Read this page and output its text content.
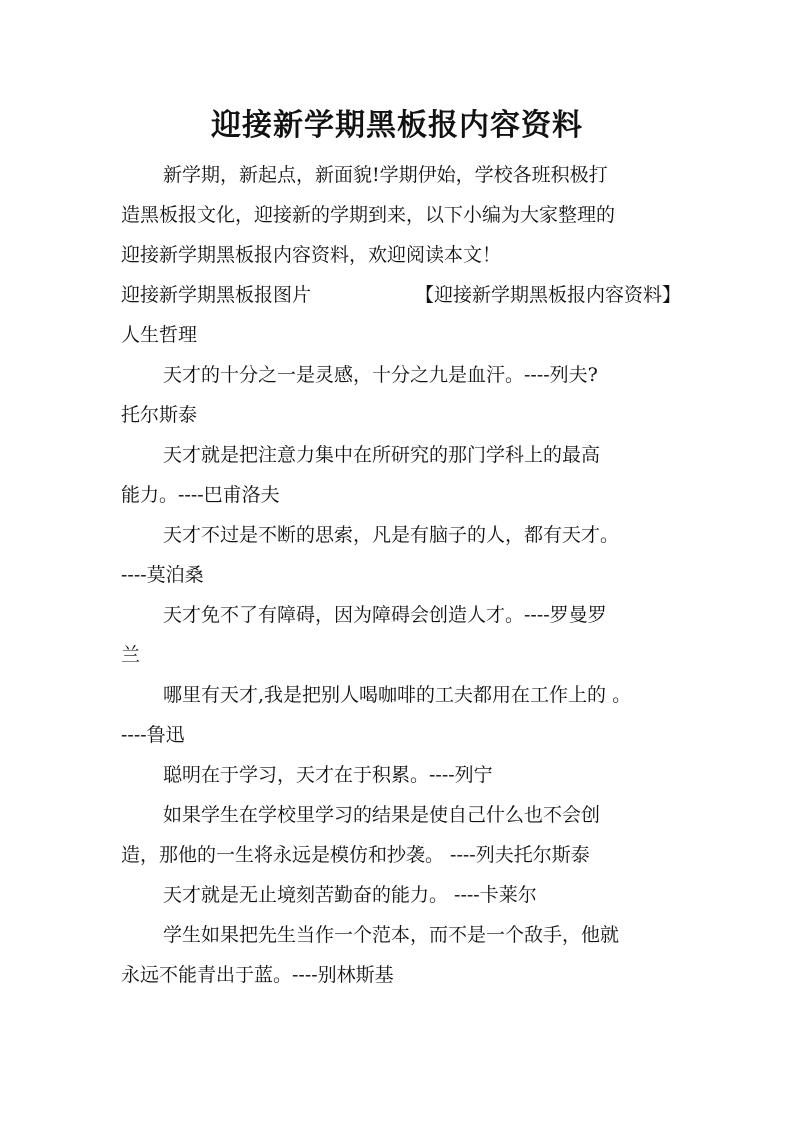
迎接新学期黑板报内容资料

新学期，新起点，新面貌!学期伊始，学校各班积极打

造黑板报文化，迎接新的学期到来，以下小编为大家整理的

迎接新学期黑板报内容资料，欢迎阅读本文！

迎接新学期黑板报图片	【迎接新学期黑板报内容资料】

人生哲理

天才的十分之一是灵感，十分之九是血汗。----列夫?

托尔斯泰

天才就是把注意力集中在所研究的那门学科上的最高

能力。----巴甫洛夫

天才不过是不断的思索，凡是有脑子的人，都有天才。

----莫泊桑

天才免不了有障碍，因为障碍会创造人才。----罗曼罗

兰

哪里有天才,我是把别人喝咖啡的工夫都用在工作上的 。

----鲁迅

聪明在于学习，天才在于积累。----列宁

如果学生在学校里学习的结果是使自己什么也不会创

造，那他的一生将永远是模仿和抄袭。 ----列夫托尔斯泰

天才就是无止境刻苦勤奋的能力。 ----卡莱尔

学生如果把先生当作一个范本，而不是一个敌手，他就

永远不能青出于蓝。----别林斯基
